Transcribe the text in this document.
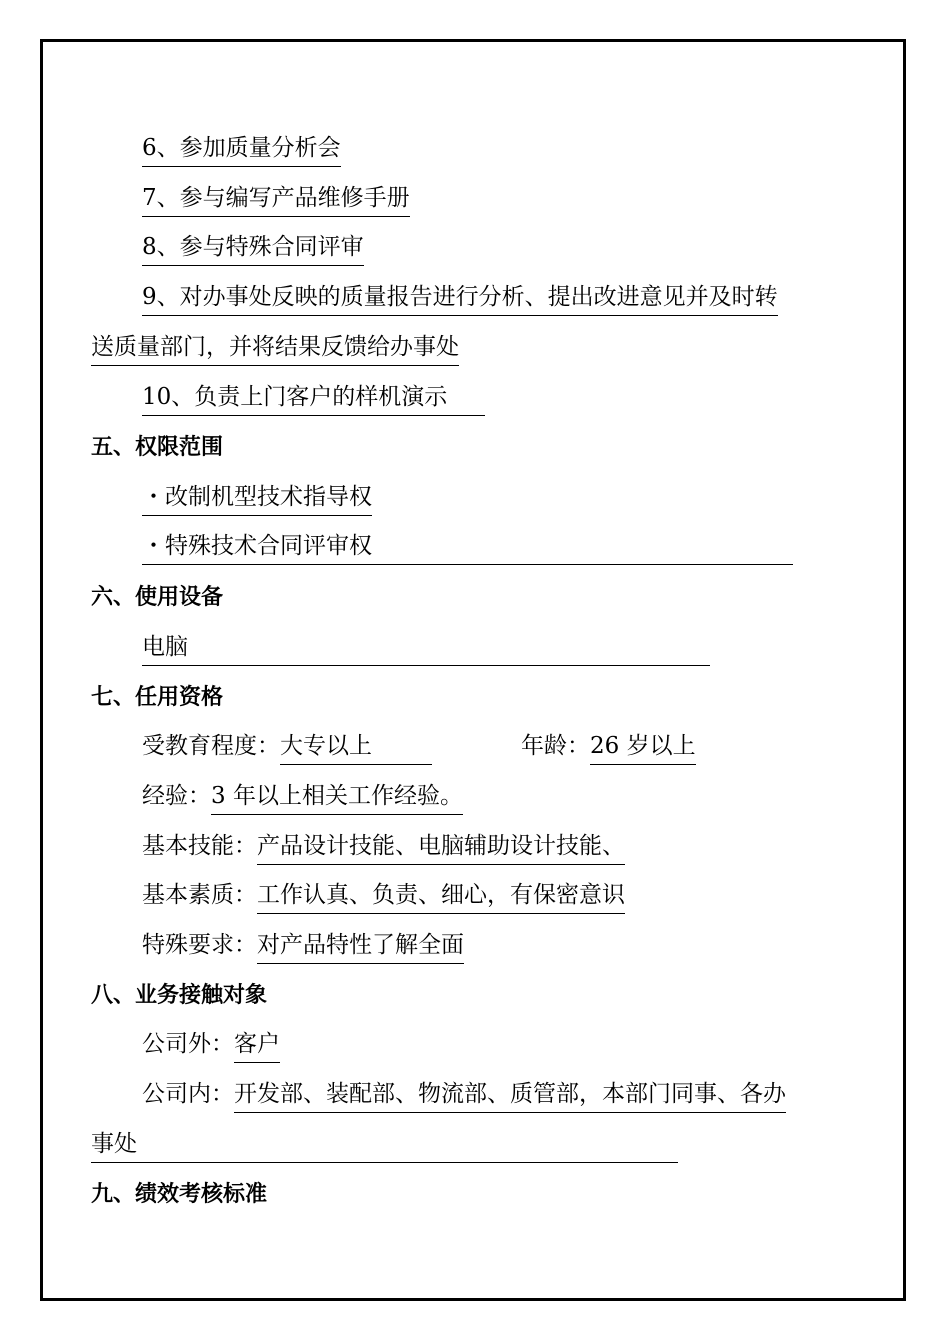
6、参加质量分析会
7、参与编写产品维修手册
8、参与特殊合同评审
9、对办事处反映的质量报告进行分析、提出改进意见并及时转
送质量部门，并将结果反馈给办事处
10、负责上门客户的样机演示
五、权限范围
・改制机型技术指导权
・特殊技术合同评审权
六、使用设备
电脑
七、任用资格
受教育程度：大专以上	年龄：26 岁以上
经验：3 年以上相关工作经验。
基本技能：产品设计技能、电脑辅助设计技能、
基本素质：工作认真、负责、细心，有保密意识
特殊要求：对产品特性了解全面
八、业务接触对象
公司外：客户
公司内：开发部、装配部、物流部、质管部，本部门同事、各办
事处
九、绩效考核标准
